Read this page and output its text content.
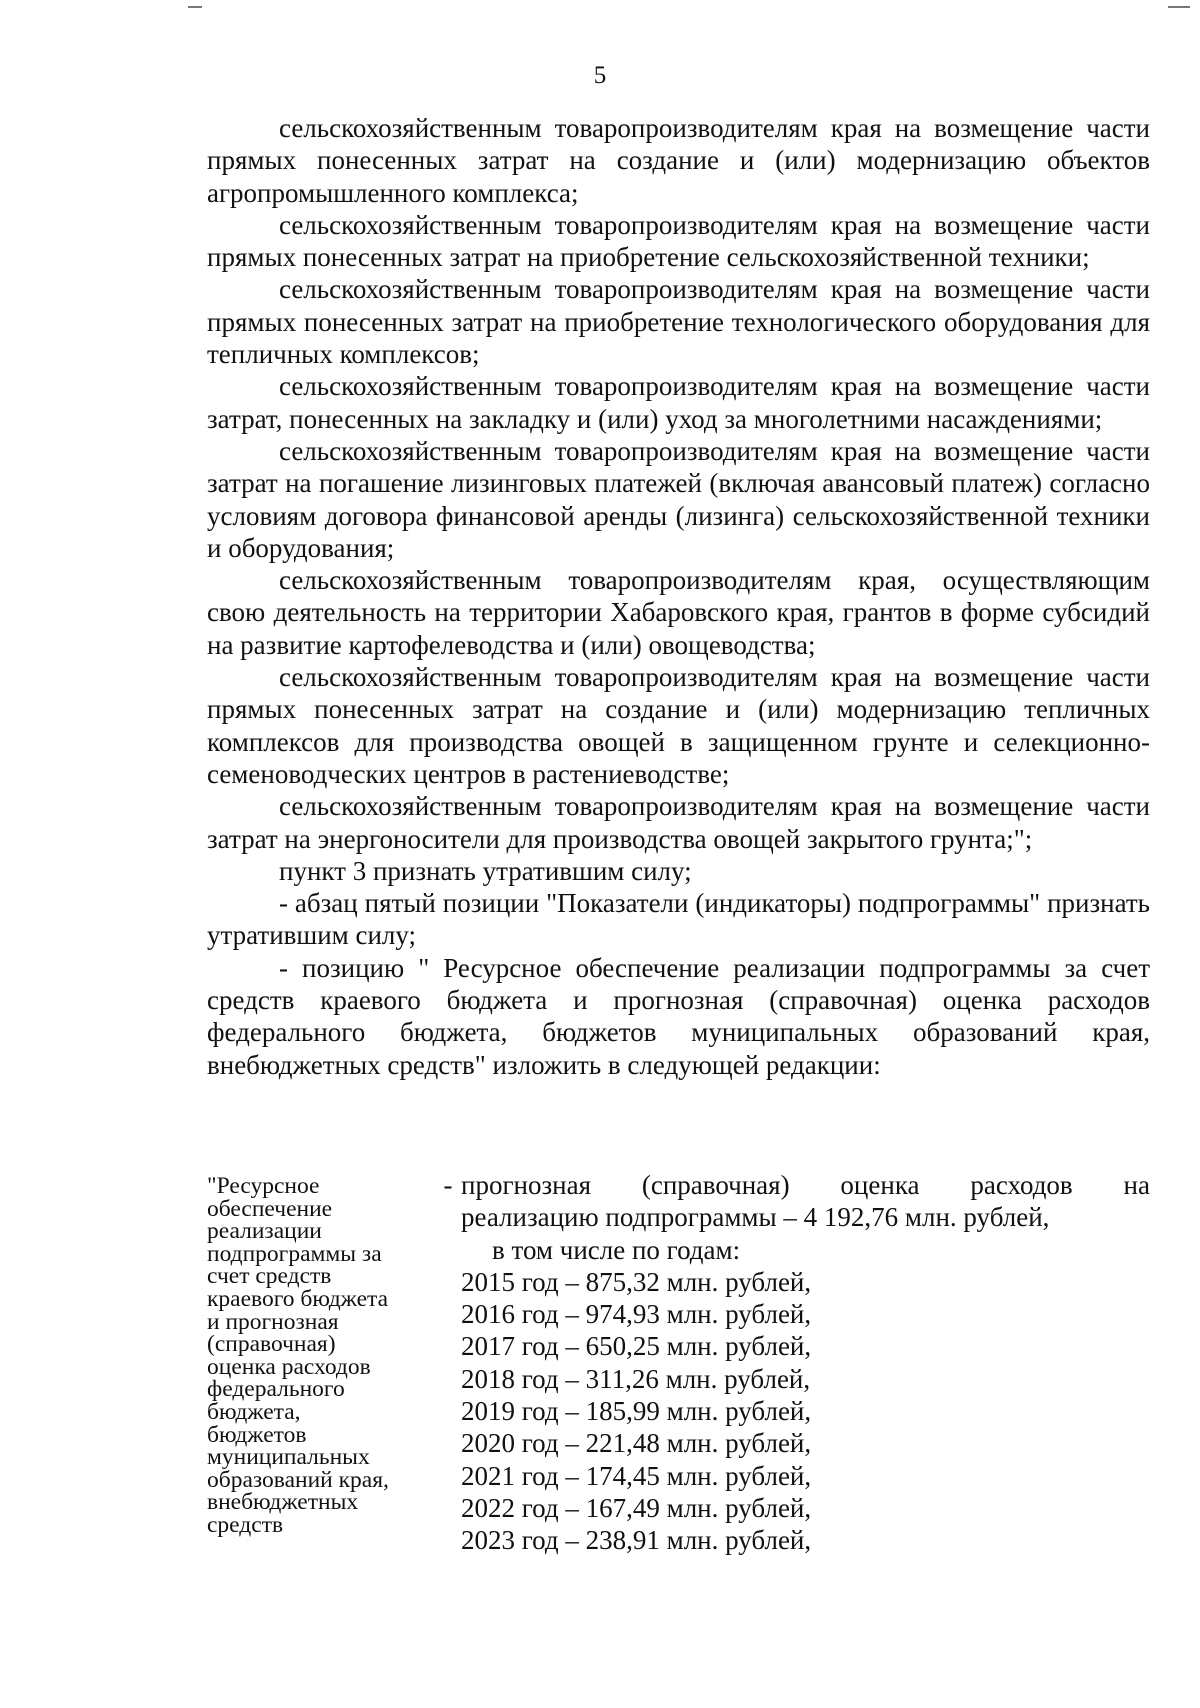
5

сельскохозяйственным товаропроизводителям края на возмещение части прямых понесенных затрат на создание и (или) модернизацию объектов агропромышленного комплекса;

сельскохозяйственным товаропроизводителям края на возмещение части прямых понесенных затрат на приобретение сельскохозяйственной техники;

сельскохозяйственным товаропроизводителям края на возмещение части прямых понесенных затрат на приобретение технологического оборудования для тепличных комплексов;

сельскохозяйственным товаропроизводителям края на возмещение части затрат, понесенных на закладку и (или) уход за многолетними насаждениями;

сельскохозяйственным товаропроизводителям края на возмещение части затрат на погашение лизинговых платежей (включая авансовый платеж) согласно условиям договора финансовой аренды (лизинга) сельскохозяйственной техники и оборудования;

сельскохозяйственным товаропроизводителям края, осуществляющим свою деятельность на территории Хабаровского края, грантов в форме субсидий на развитие картофелеводства и (или) овощеводства;

сельскохозяйственным товаропроизводителям края на возмещение части прямых понесенных затрат на создание и (или) модернизацию тепличных комплексов для производства овощей в защищенном грунте и селекционно-семеноводческих центров в растениеводстве;

сельскохозяйственным товаропроизводителям края на возмещение части затрат на энергоносители для производства овощей закрытого грунта;";

пункт 3 признать утратившим силу;

- абзац пятый позиции "Показатели (индикаторы) подпрограммы" признать утратившим силу;

- позицию " Ресурсное обеспечение реализации подпрограммы за счет средств краевого бюджета и прогнозная (справочная) оценка расходов федерального бюджета, бюджетов муниципальных образований края, внебюджетных средств" изложить в следующей редакции:

"Ресурсное
обеспечение
реализации
подпрограммы за
счет средств
краевого бюджета
и прогнозная
(справочная)
оценка расходов
федерального
бюджета,
бюджетов
муниципальных
образований края,
внебюджетных
средств
- прогнозная (справочная) оценка расходов на

реализацию подпрограммы – 4 192,76 млн. рублей,

в том числе по годам:

2015 год – 875,32 млн. рублей,

2016 год – 974,93 млн. рублей,

2017 год – 650,25 млн. рублей,

2018 год – 311,26 млн. рублей,

2019 год – 185,99 млн. рублей,

2020 год – 221,48 млн. рублей,

2021 год – 174,45 млн. рублей,

2022 год – 167,49 млн. рублей,

2023 год – 238,91 млн. рублей,
